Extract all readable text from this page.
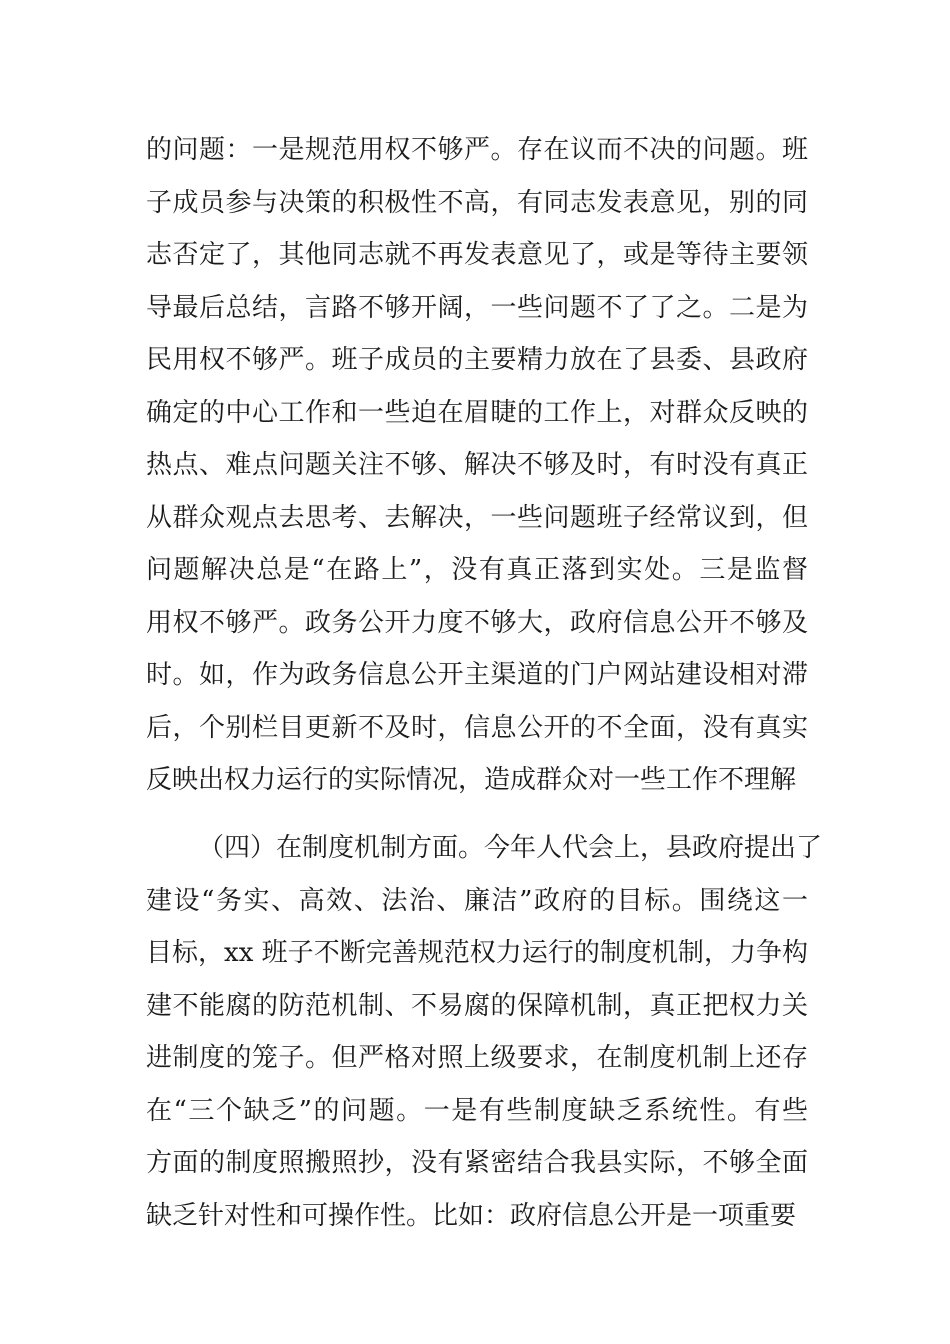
的问题：一是规范用权不够严。存在议而不决的问题。班
子成员参与决策的积极性不高，有同志发表意见，别的同
志否定了，其他同志就不再发表意见了，或是等待主要领
导最后总结，言路不够开阔，一些问题不了了之。二是为
民用权不够严。班子成员的主要精力放在了县委、县政府
确定的中心工作和一些迫在眉睫的工作上，对群众反映的
热点、难点问题关注不够、解决不够及时，有时没有真正
从群众观点去思考、去解决，一些问题班子经常议到，但
问题解决总是“在路上”，没有真正落到实处。三是监督
用权不够严。政务公开力度不够大，政府信息公开不够及
时。如，作为政务信息公开主渠道的门户网站建设相对滞
后，个别栏目更新不及时，信息公开的不全面，没有真实
反映出权力运行的实际情况，造成群众对一些工作不理解
（四）在制度机制方面。今年人代会上，县政府提出了
建设“务实、高效、法治、廉洁”政府的目标。围绕这一
目标，xx 班子不断完善规范权力运行的制度机制，力争构
建不能腐的防范机制、不易腐的保障机制，真正把权力关
进制度的笼子。但严格对照上级要求，在制度机制上还存
在“三个缺乏”的问题。一是有些制度缺乏系统性。有些
方面的制度照搬照抄，没有紧密结合我县实际，不够全面
缺乏针对性和可操作性。比如：政府信息公开是一项重要
